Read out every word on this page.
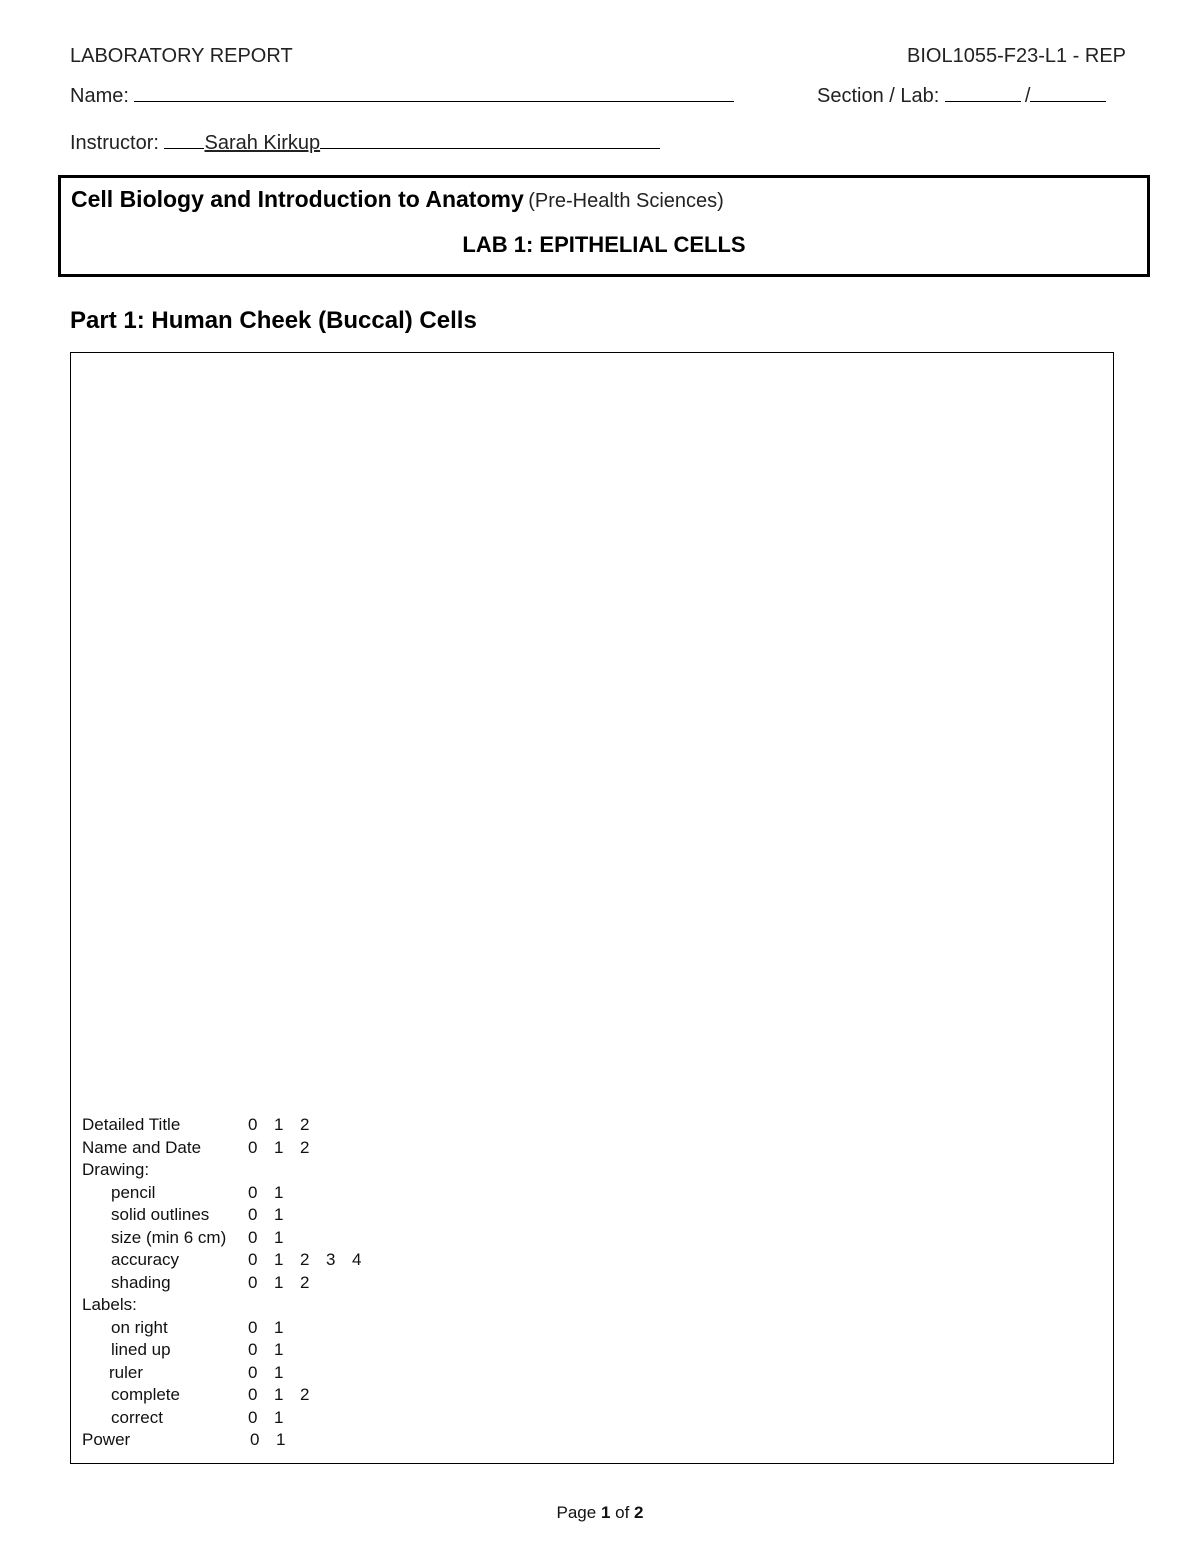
LABORATORY REPORT	BIOL1055-F23-L1 - REP
Name:	Section / Lab:	/
Instructor: Sarah Kirkup
Cell Biology and Introduction to Anatomy (Pre-Health Sciences)
LAB 1: EPITHELIAL CELLS
Part 1: Human Cheek (Buccal) Cells
Detailed Title	0 1 2
Name and Date	0 1 2
Drawing:
pencil	0 1
solid outlines 0 1
size (min 6 cm) 0 1
accuracy	0 1 2 3 4
shading	0 1 2
Labels:
on right	0 1
lined up	0 1
ruler	0 1
complete	0 1 2
correct	0 1
Power	0 1
Page 1 of 2
